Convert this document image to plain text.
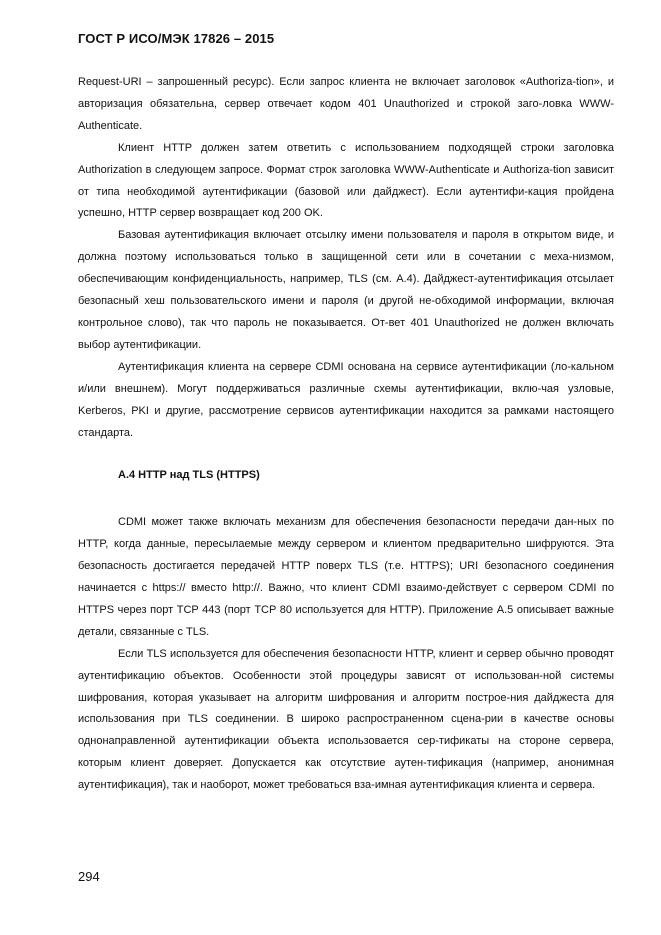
ГОСТ Р ИСО/МЭК 17826 – 2015

Request-URI – запрошенный ресурс). Если запрос клиента не включает заголовок «Authoriza-tion», и авторизация обязательна, сервер отвечает кодом 401 Unauthorized и строкой заго-ловка WWW-Authenticate.

Клиент HTTP должен затем ответить с использованием подходящей строки заголовка Authorization в следующем запросе. Формат строк заголовка WWW-Authenticate и Authoriza-tion зависит от типа необходимой аутентификации (базовой или дайджест). Если аутентифи-кация пройдена успешно, HTTP сервер возвращает код 200 OK.

Базовая аутентификация включает отсылку имени пользователя и пароля в открытом виде, и должна поэтому использоваться только в защищенной сети или в сочетании с меха-низмом, обеспечивающим конфиденциальность, например, TLS (см. A.4). Дайджест-аутентификация отсылает безопасный хеш пользовательского имени и пароля (и другой не-обходимой информации, включая контрольное слово), так что пароль не показывается. От-вет 401 Unauthorized не должен включать выбор аутентификации.

Аутентификация клиента на сервере CDMI основана на сервисе аутентификации (ло-кальном и/или внешнем). Могут поддерживаться различные схемы аутентификации, вклю-чая узловые, Kerberos, PKI и другие, рассмотрение сервисов аутентификации находится за рамками настоящего стандарта.

A.4 HTTP над TLS (HTTPS)

CDMI может также включать механизм для обеспечения безопасности передачи дан-ных по HTTP, когда данные, пересылаемые между сервером и клиентом предварительно шифруются. Эта безопасность достигается передачей HTTP поверх TLS (т.е. HTTPS); URI безопасного соединения начинается с https:// вместо http://. Важно, что клиент CDMI взаимо-действует с сервером CDMI по HTTPS через порт TCP 443 (порт TCP 80 используется для HTTP). Приложение A.5 описывает важные детали, связанные с TLS.

Если TLS используется для обеспечения безопасности HTTP, клиент и сервер обычно проводят аутентификацию объектов. Особенности этой процедуры зависят от использован-ной системы шифрования, которая указывает на алгоритм шифрования и алгоритм построе-ния дайджеста для использования при TLS соединении. В широко распространенном сцена-рии в качестве основы однонаправленной аутентификации объекта использовается сер-тификаты на стороне сервера, которым клиент доверяет. Допускается как отсутствие аутен-тификация (например, анонимная аутентификация), так и наоборот, может требоваться вза-имная аутентификация клиента и сервера.

294
